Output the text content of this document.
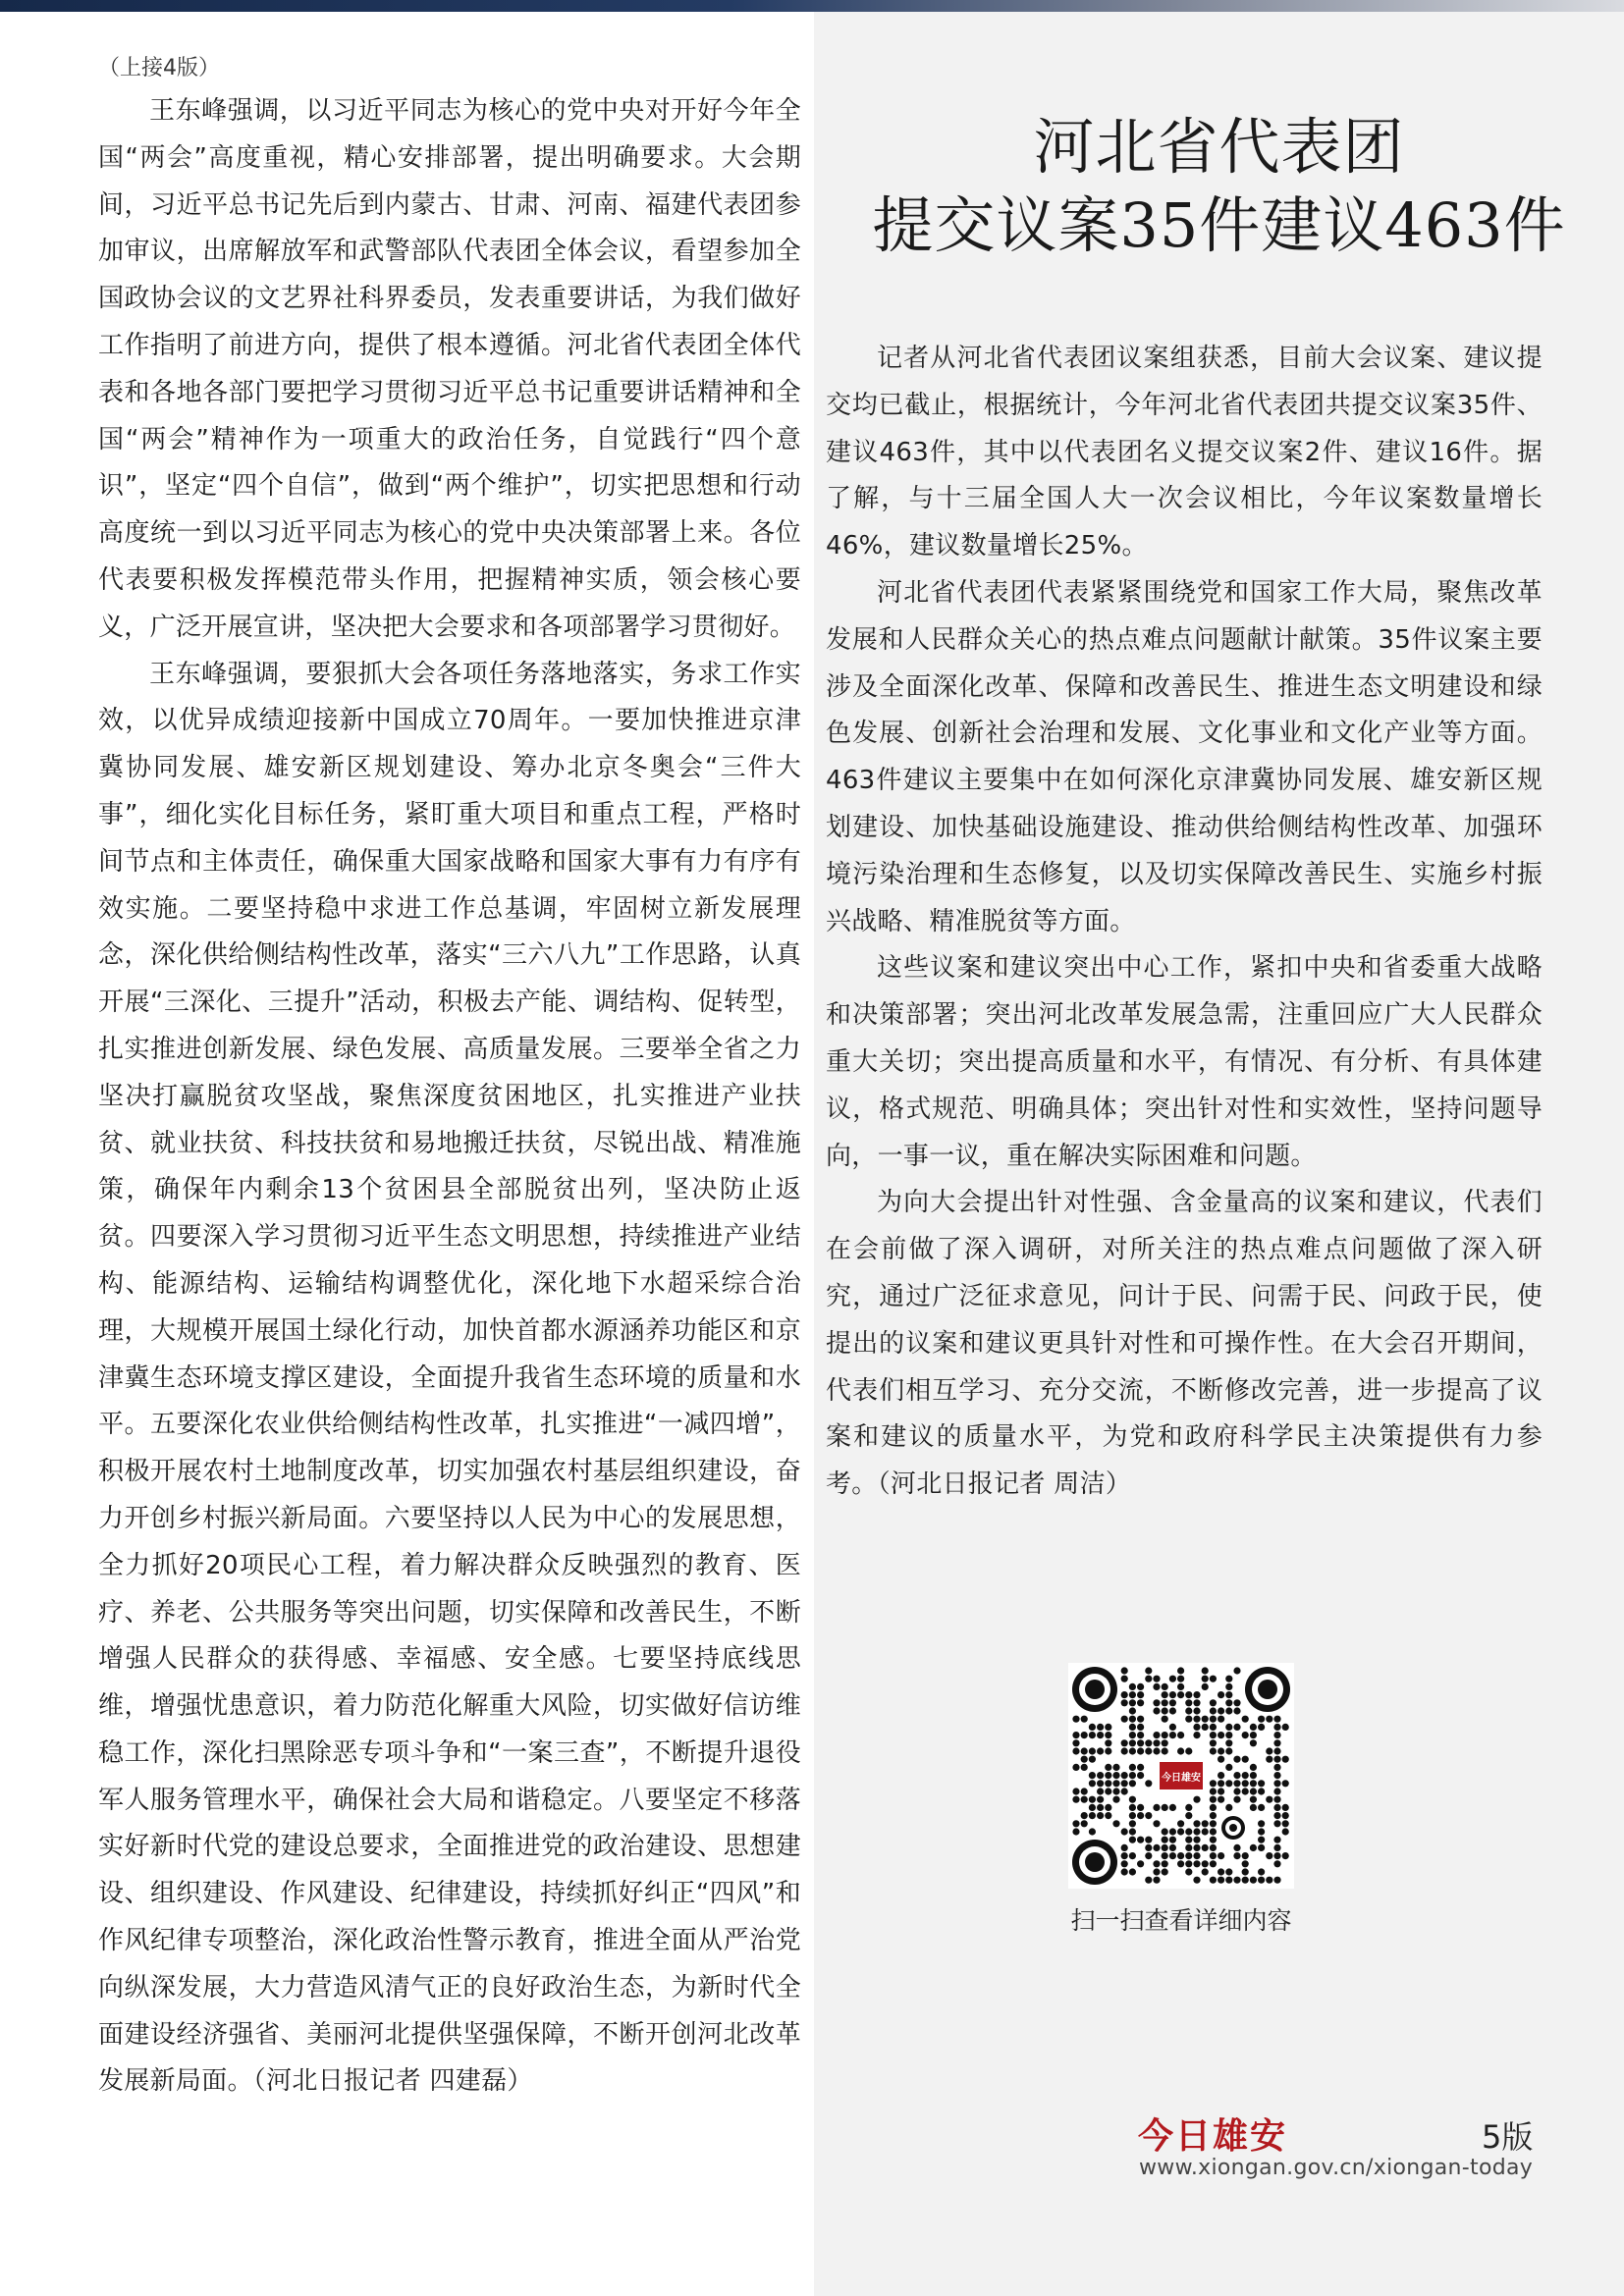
（上接4版）

王东峰强调，以习近平同志为核心的党中央对开好今年全国“两会”高度重视，精心安排部署，提出明确要求。大会期间，习近平总书记先后到内蒙古、甘肃、河南、福建代表团参加审议，出席解放军和武警部队代表团全体会议，看望参加全国政协会议的文艺界社科界委员，发表重要讲话，为我们做好工作指明了前进方向，提供了根本遵循。河北省代表团全体代表和各地各部门要把学习贯彻习近平总书记重要讲话精神和全国“两会”精神作为一项重大的政治任务，自觉践行“四个意识”，坚定“四个自信”，做到“两个维护”，切实把思想和行动高度统一到以习近平同志为核心的党中央决策部署上来。各位代表要积极发挥模范带头作用，把握精神实质，领会核心要义，广泛开展宣讲，坚决把大会要求和各项部署学习贯彻好。

王东峰强调，要狠抓大会各项任务落地落实，务求工作实效，以优异成绩迎接新中国成立70周年。一要加快推进京津冀协同发展、雄安新区规划建设、筹办北京冬奥会“三件大事”，细化实化目标任务，紧盯重大项目和重点工程，严格时间节点和主体责任，确保重大国家战略和国家大事有力有序有效实施。二要坚持稳中求进工作总基调，牢固树立新发展理念，深化供给侧结构性改革，落实“三六八九”工作思路，认真开展“三深化、三提升”活动，积极去产能、调结构、促转型，扎实推进创新发展、绿色发展、高质量发展。三要举全省之力坚决打赢脱贫攻坚战，聚焦深度贫困地区，扎实推进产业扶贫、就业扶贫、科技扶贫和易地搬迁扶贫，尽锐出战、精准施策，确保年内剩余13个贫困县全部脱贫出列，坚决防止返贫。四要深入学习贯彻习近平生态文明思想，持续推进产业结构、能源结构、运输结构调整优化，深化地下水超采综合治理，大规模开展国土绿化行动，加快首都水源涵养功能区和京津冀生态环境支撑区建设，全面提升我省生态环境的质量和水平。五要深化农业供给侧结构性改革，扎实推进“一减四增”，积极开展农村土地制度改革，切实加强农村基层组织建设，奋力开创乡村振兴新局面。六要坚持以人民为中心的发展思想，全力抓好20项民心工程，着力解决群众反映强烈的教育、医疗、养老、公共服务等突出问题，切实保障和改善民生，不断增强人民群众的获得感、幸福感、安全感。七要坚持底线思维，增强忧患意识，着力防范化解重大风险，切实做好信访维稳工作，深化扫黑除恶专项斗争和“一案三查”，不断提升退役军人服务管理水平，确保社会大局和谐稳定。八要坚定不移落实好新时代党的建设总要求，全面推进党的政治建设、思想建设、组织建设、作风建设、纪律建设，持续抓好纠正“四风”和作风纪律专项整治，深化政治性警示教育，推进全面从严治党向纵深发展，大力营造风清气正的良好政治生态，为新时代全面建设经济强省、美丽河北提供坚强保障，不断开创河北改革发展新局面。（河北日报记者 四建磊）

河北省代表团
提交议案35件建议463件

记者从河北省代表团议案组获悉，目前大会议案、建议提交均已截止，根据统计，今年河北省代表团共提交议案35件、建议463件，其中以代表团名义提交议案2件、建议16件。据了解，与十三届全国人大一次会议相比，今年议案数量增长46%，建议数量增长25%。

河北省代表团代表紧紧围绕党和国家工作大局，聚焦改革发展和人民群众关心的热点难点问题献计献策。35件议案主要涉及全面深化改革、保障和改善民生、推进生态文明建设和绿色发展、创新社会治理和发展、文化事业和文化产业等方面。463件建议主要集中在如何深化京津冀协同发展、雄安新区规划建设、加快基础设施建设、推动供给侧结构性改革、加强环境污染治理和生态修复，以及切实保障改善民生、实施乡村振兴战略、精准脱贫等方面。

这些议案和建议突出中心工作，紧扣中央和省委重大战略和决策部署；突出河北改革发展急需，注重回应广大人民群众重大关切；突出提高质量和水平，有情况、有分析、有具体建议，格式规范、明确具体；突出针对性和实效性，坚持问题导向，一事一议，重在解决实际困难和问题。

为向大会提出针对性强、含金量高的议案和建议，代表们在会前做了深入调研，对所关注的热点难点问题做了深入研究，通过广泛征求意见，问计于民、问需于民、问政于民，使提出的议案和建议更具针对性和可操作性。在大会召开期间，代表们相互学习、充分交流，不断修改完善，进一步提高了议案和建议的质量水平，为党和政府科学民主决策提供有力参考。（河北日报记者 周洁）

今日雄安
扫一扫查看详细内容
今日雄安	5版
www.xiongan.gov.cn/xiongan-today
